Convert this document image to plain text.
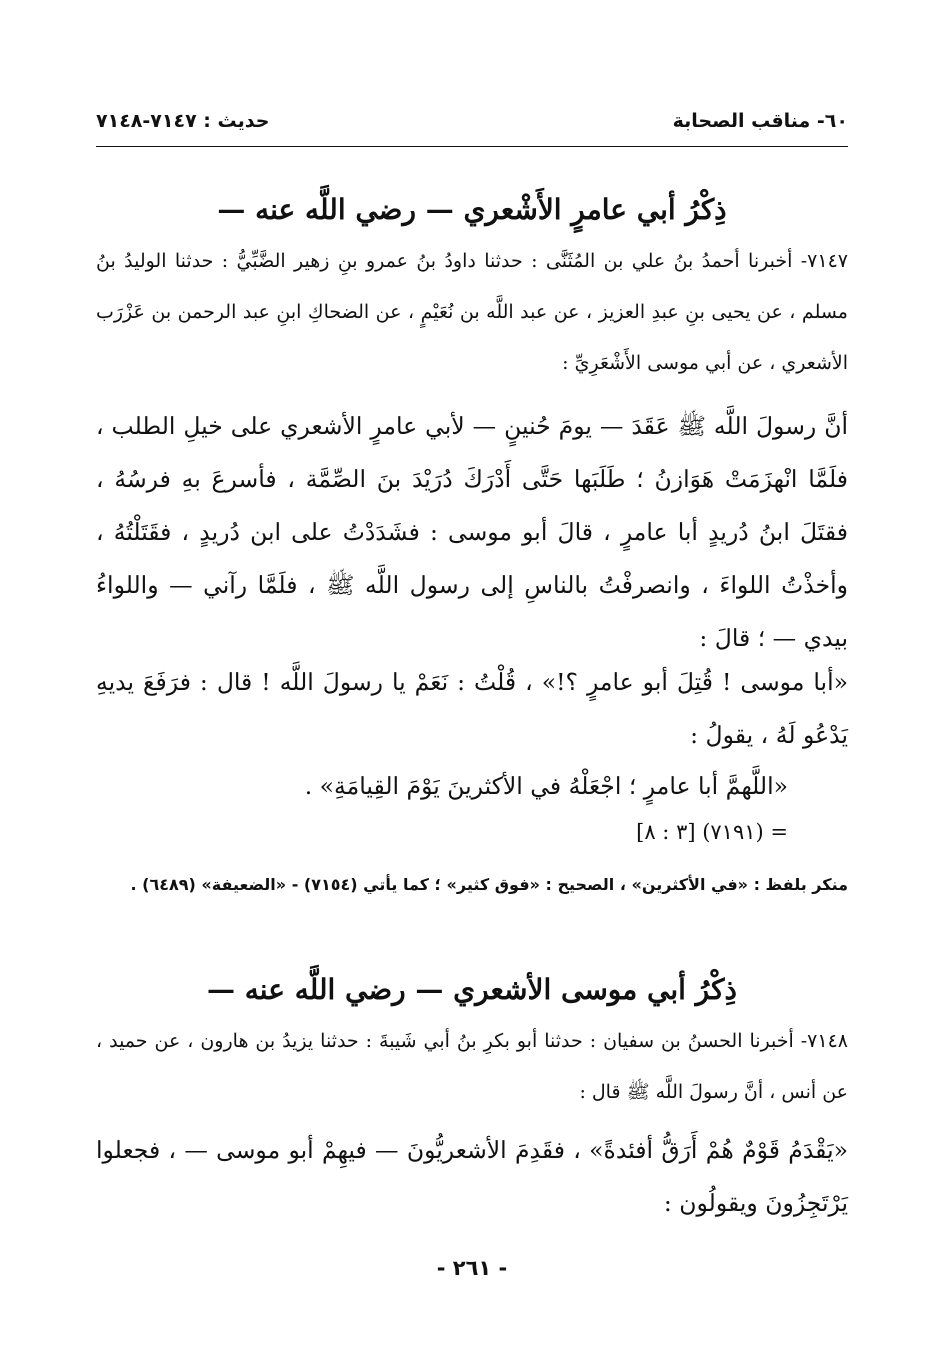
٦٠- مناقب الصحابة
حديث : ٧١٤٧-٧١٤٨
ذِكْرُ أبي عامرٍ الأَشْعري — رضي اللَّه عنه —

٧١٤٧- أخبرنا أحمدُ بنُ علي بن المُثَنَّى : حدثنا داودُ بنُ عمرو بنِ زهير الضَّبِّيُّ : حدثنا الوليدُ بنُ مسلم ، عن يحيى بنِ عبدِ العزيز ، عن عبد اللَّه بن نُعَيْمٍ ، عن الضحاكِ ابنِ عبد الرحمن بن عَزْرَب الأشعري ، عن أبي موسى الأَشْعَرِيِّ :

أنَّ رسولَ اللَّه ﷺ عَقَدَ — يومَ حُنينٍ — لأبي عامرٍ الأشعري على خيلِ الطلب ، فلَمَّا انْهزَمَتْ هَوَازنُ ؛ طَلَبَها حَتَّى أَدْرَكَ دُرَيْدَ بنَ الصِّمَّة ، فأسرعَ بهِ فرسُهُ ، فقتَلَ ابنُ دُريدٍ أبا عامرٍ ، قالَ أبو موسى : فشَدَدْتُ على ابن دُريدٍ ، فقَتَلْتُهُ ، وأخذْتُ اللواءَ ، وانصرفْتُ بالناسِ إلى رسول اللَّه ﷺ ، فلَمَّا رآني — واللواءُ بيدي — ؛ قالَ :

«أبا موسى ! قُتِلَ أبو عامرٍ ؟!» ، قُلْتُ : نَعَمْ يا رسولَ اللَّه ! قال : فرَفَعَ يديهِ يَدْعُو لَهُ ، يقولُ :

«اللَّهمَّ أبا عامرٍ ؛ اجْعَلْهُ في الأكثرينَ يَوْمَ القِيامَةِ» .

= (٧١٩١) [٣ : ٨]

منكر بلفظ : «في الأكثرين» ، الصحيح : «فوق كثير» ؛ كما يأتي (٧١٥٤) - «الضعيفة» (٦٤٨٩) .

ذِكْرُ أبي موسى الأشعري — رضي اللَّه عنه —

٧١٤٨- أخبرنا الحسنُ بن سفيان : حدثنا أبو بكرِ بنُ أبي شَيبةَ : حدثنا يزيدُ بن هارون ، عن حميد ، عن أنس ، أنَّ رسولَ اللَّه ﷺ قال :

«يَقْدَمُ قَوْمٌ هُمْ أَرَقُّ أفئدةً» ، فقَدِمَ الأشعريُّونَ — فيهِمْ أبو موسى — ، فجعلوا يَرْتَجِزُونَ ويقولُون :

- ٢٦١ -
